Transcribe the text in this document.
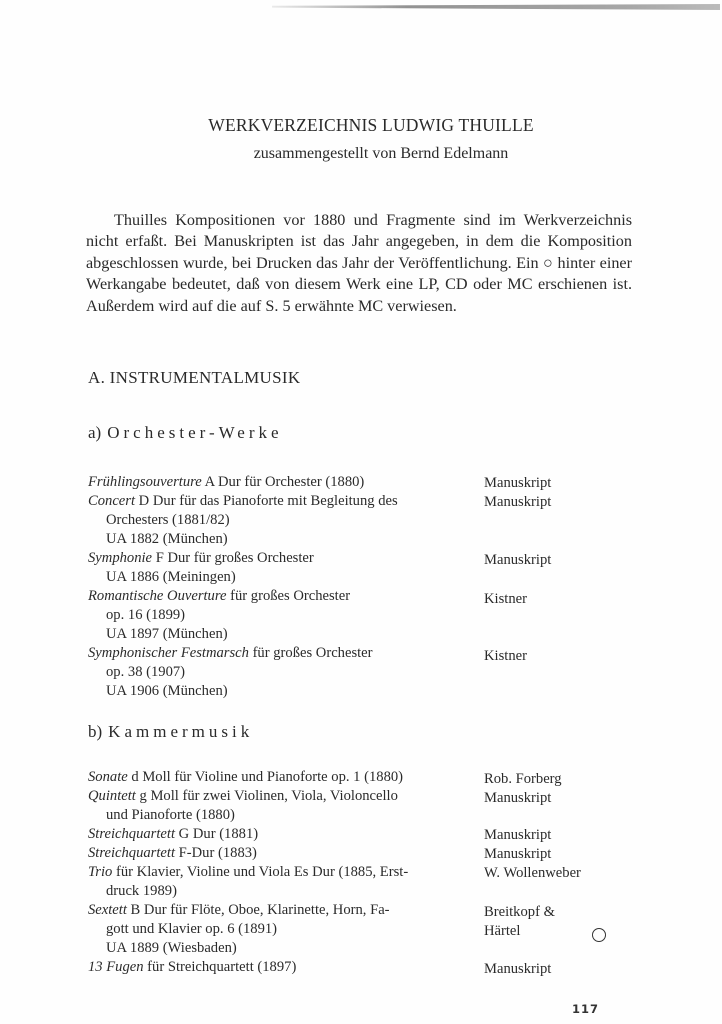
WERKVERZEICHNIS LUDWIG THUILLE
zusammengestellt von Bernd Edelmann
Thuilles Kompositionen vor 1880 und Fragmente sind im Werkverzeichnis nicht erfaßt. Bei Manuskripten ist das Jahr angegeben, in dem die Komposition abgeschlossen wurde, bei Drucken das Jahr der Veröffentlichung. Ein ○ hinter einer Werkangabe bedeutet, daß von diesem Werk eine LP, CD oder MC erschienen ist. Außerdem wird auf die auf S. 5 erwähnte MC verwiesen.
A. INSTRUMENTALMUSIK
a) Orchester-Werke
Frühlingsouverture A Dur für Orchester (1880)
Concert D Dur für das Pianoforte mit Begleitung des
Orchesters (1881/82)
UA 1882 (München)
Symphonie F Dur für großes Orchester
UA 1886 (Meiningen)
Romantische Ouverture für großes Orchester
op. 16 (1899)
UA 1897 (München)
Symphonischer Festmarsch für großes Orchester
op. 38 (1907)
UA 1906 (München)
Manuskript
Manuskript
Manuskript
Kistner
Kistner
b) Kammermusik
Sonate d Moll für Violine und Pianoforte op. 1 (1880)
Quintett g Moll für zwei Violinen, Viola, Violoncello
und Pianoforte (1880)
Streichquartett G Dur (1881)
Streichquartett F-Dur (1883)
Trio für Klavier, Violine und Viola Es Dur (1885, Erst-
druck 1989)
Sextett B Dur für Flöte, Oboe, Klarinette, Horn, Fa-
gott und Klavier op. 6 (1891)
UA 1889 (Wiesbaden)
13 Fugen für Streichquartett (1897)
Rob. Forberg
Manuskript
Manuskript
Manuskript
W. Wollenweber
Breitkopf &
Härtel
Manuskript
117
